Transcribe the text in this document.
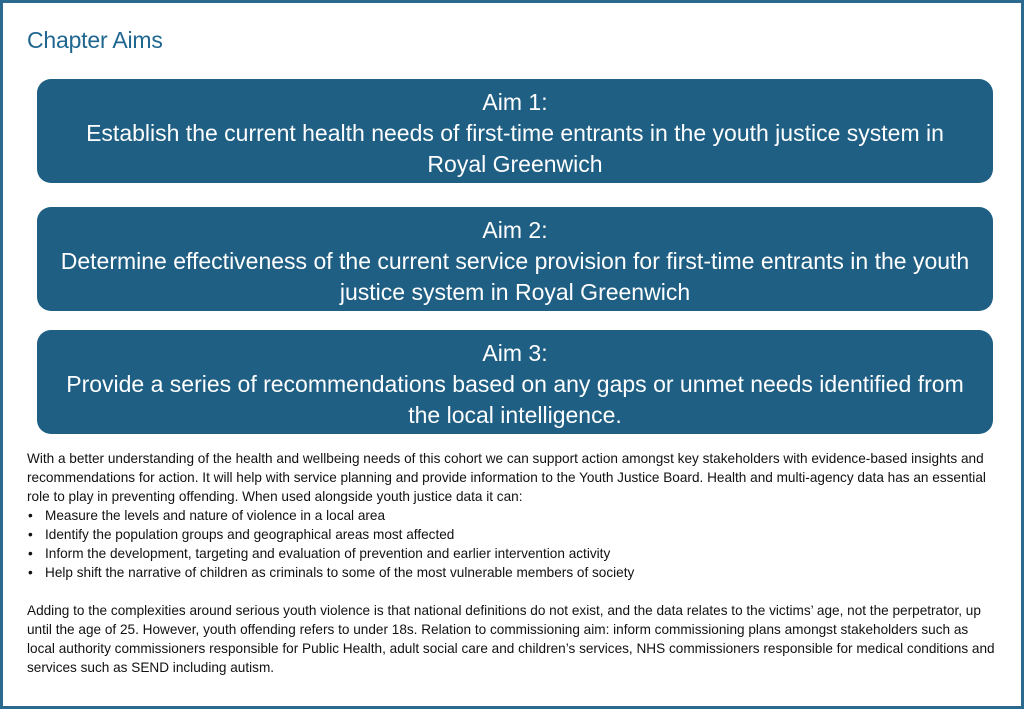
Chapter Aims
Aim 1:
Establish the current health needs of first-time entrants in the youth justice system in Royal Greenwich
Aim 2:
Determine effectiveness of the current service provision for first-time entrants in the youth justice system in Royal Greenwich
Aim 3:
Provide a series of recommendations based on any gaps or unmet needs identified from the local intelligence.

With a better understanding of the health and wellbeing needs of this cohort we can support action amongst key stakeholders with evidence-based insights and recommendations for action. It will help with service planning and provide information to the Youth Justice Board. Health and multi-agency data has an essential role to play in preventing offending. When used alongside youth justice data it can:

• Measure the levels and nature of violence in a local area
• Identify the population groups and geographical areas most affected
• Inform the development, targeting and evaluation of prevention and earlier intervention activity
• Help shift the narrative of children as criminals to some of the most vulnerable members of society

Adding to the complexities around serious youth violence is that national definitions do not exist, and the data relates to the victims’ age, not the perpetrator, up until the age of 25. However, youth offending refers to under 18s. Relation to commissioning aim: inform commissioning plans amongst stakeholders such as local authority commissioners responsible for Public Health, adult social care and children’s services, NHS commissioners responsible for medical conditions and services such as SEND including autism.
